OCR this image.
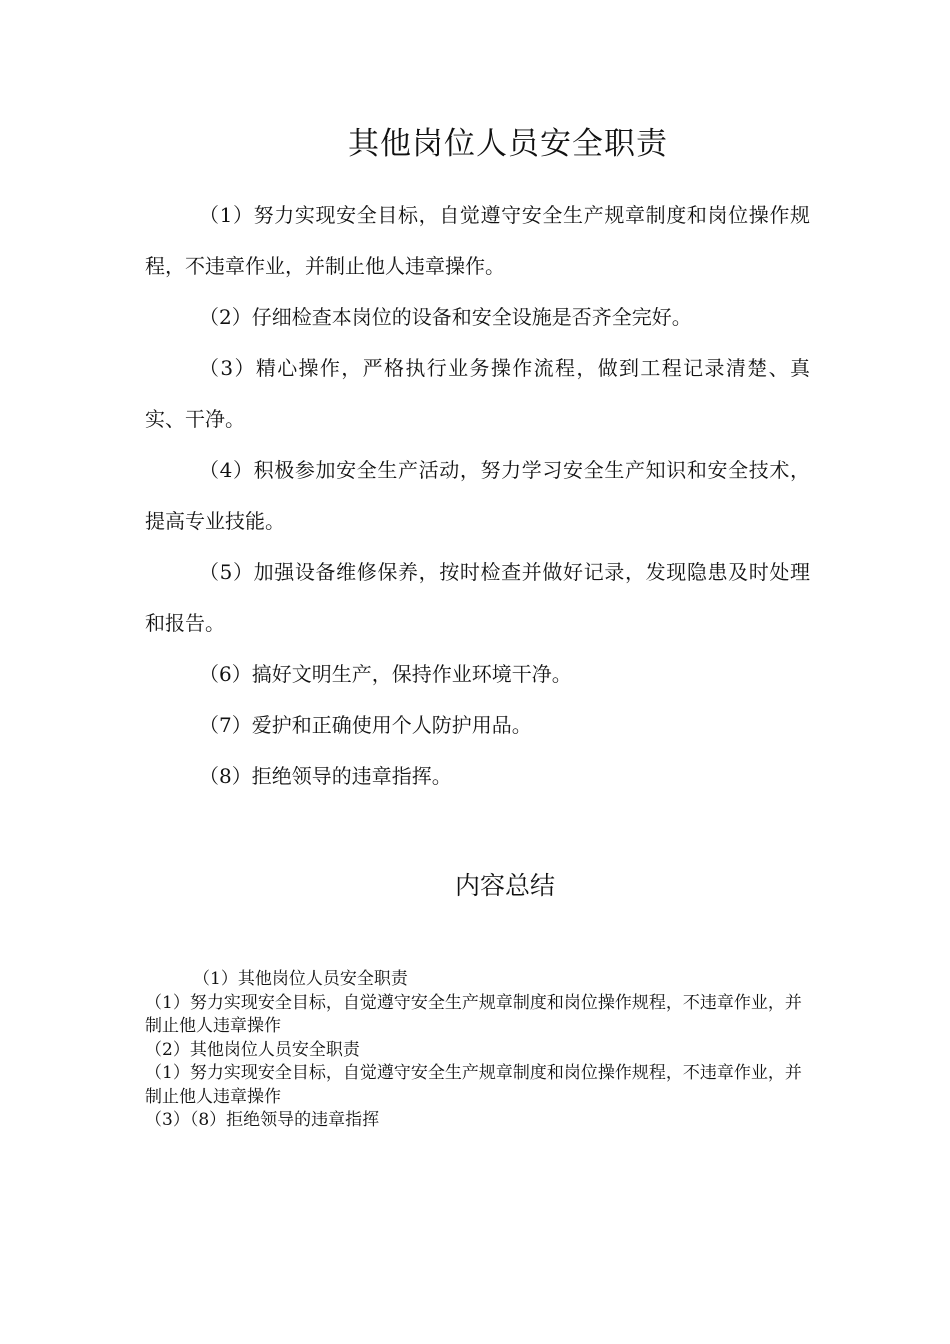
其他岗位人员安全职责

（1）努力实现安全目标，自觉遵守安全生产规章制度和岗位操作规程，不违章作业，并制止他人违章操作。

（2）仔细检查本岗位的设备和安全设施是否齐全完好。

（3）精心操作，严格执行业务操作流程，做到工程记录清楚、真实、干净。

（4）积极参加安全生产活动，努力学习安全生产知识和安全技术，提高专业技能。

（5）加强设备维修保养，按时检查并做好记录，发现隐患及时处理和报告。

（6）搞好文明生产，保持作业环境干净。

（7）爱护和正确使用个人防护用品。

（8）拒绝领导的违章指挥。

内容总结

（1）其他岗位人员安全职责

（1）努力实现安全目标，自觉遵守安全生产规章制度和岗位操作规程，不违章作业，并制止他人违章操作

（2）其他岗位人员安全职责

（1）努力实现安全目标，自觉遵守安全生产规章制度和岗位操作规程，不违章作业，并制止他人违章操作

（3）（8）拒绝领导的违章指挥
